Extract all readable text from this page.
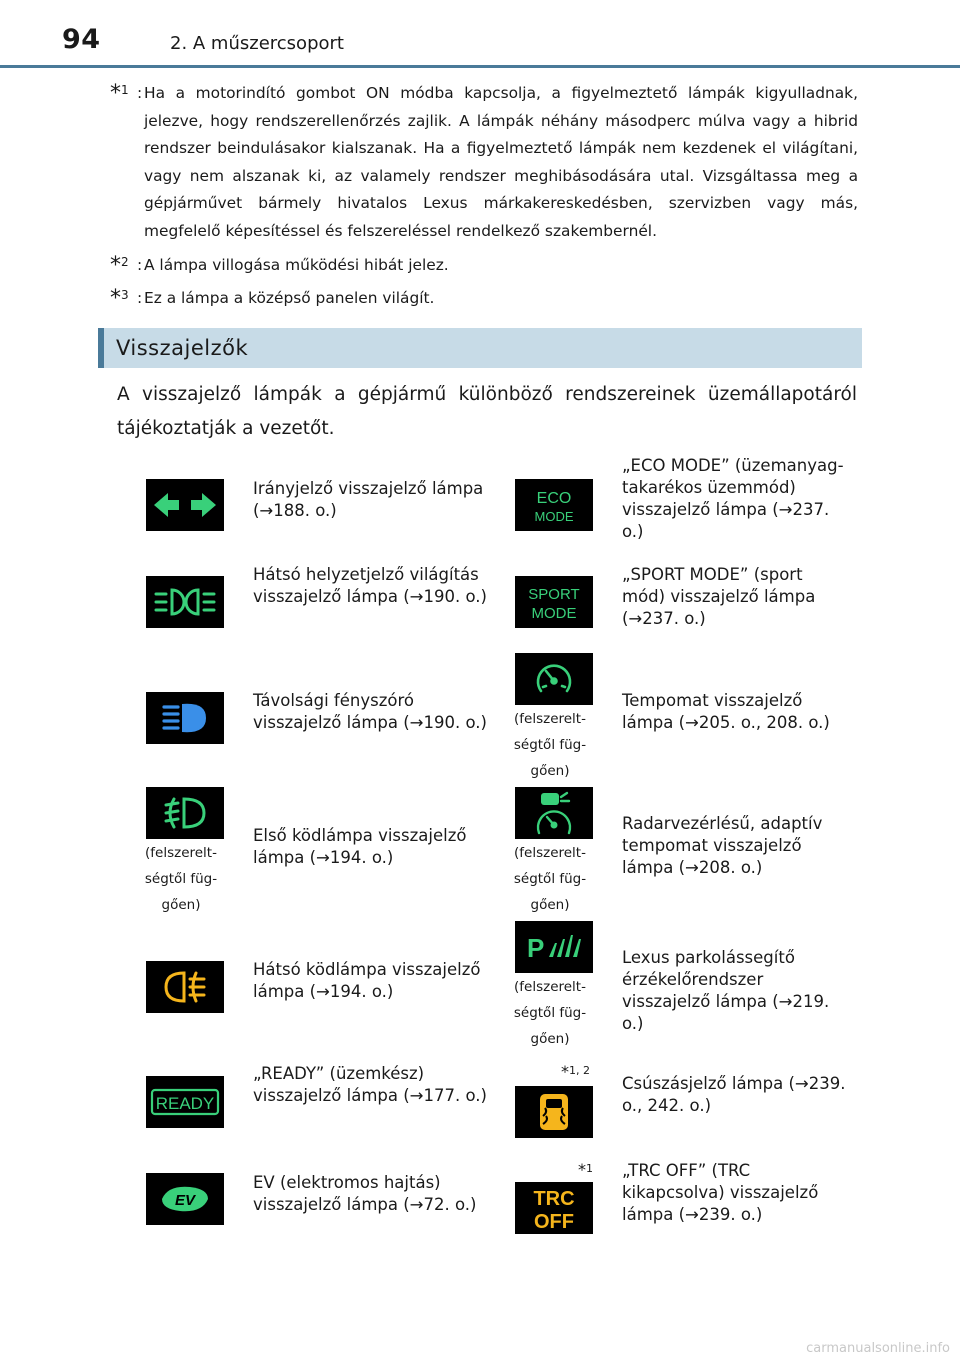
94	2. A műszercsoport
*$^1$ : Ha a motorindító gombot ON módba kapcsolja, a figyelmeztető lámpák kigyulladnak, jelezve, hogy rendszerellenőrzés zajlik. A lámpák néhány másodperc múlva vagy a hibrid rendszer beindulásakor kialszanak. Ha a figyelmeztető lámpák nem kezdenek el világítani, vagy nem alszanak ki, az valamely rendszer meghibásodására utal. Vizsgáltassa meg a gépjárművet bármely hivatalos Lexus márkakereskedésben, szervizben vagy más, megfelelő képesítéssel és felszereléssel rendelkező szakembernél.
*$^2$ : A lámpa villogása működési hibát jelez.
*$^3$ : Ez a lámpa a középső panelen világít.
Visszajelzők
A visszajelző lámpák a gépjármű különböző rendszereinek üzemállapotáról tájékoztatják a vezetőt.
READY
EV
(felszerelt-ségtől füg-gően)
Irányjelző visszajelző lámpa (→188. o.)
Hátsó helyzetjelző világítás visszajelző lámpa (→190. o.)
Távolsági fényszóró visszajelző lámpa (→190. o.)
Első ködlámpa visszajelző lámpa (→194. o.)
Hátsó ködlámpa visszajelző lámpa (→194. o.)
„READY” (üzemkész) visszajelző lámpa (→177. o.)
EV (elektromos hajtás) visszajelző lámpa (→72. o.)
ECO
MODE
SPORT
MODE
P
TRC
OFF
(felszerelt-ségtől füg-gően)
(felszerelt-ségtől füg-gően)
(felszerelt-ségtől füg-gően)
*$^{1, 2}$
*$^1$
„ECO MODE” (üzemanyag-takarékos üzemmód) visszajelző lámpa (→237. o.)
„SPORT MODE” (sport mód) visszajelző lámpa (→237. o.)
Tempomat visszajelző lámpa (→205. o., 208. o.)
Radarvezérlésű, adaptív tempomat visszajelző lámpa (→208. o.)
Lexus parkolássegítő érzékelőrendszer visszajelző lámpa (→219. o.)
Csúszásjelző lámpa (→239. o., 242. o.)
„TRC OFF” (TRC kikapcsolva) visszajelző lámpa (→239. o.)
carmanualsonline.info
